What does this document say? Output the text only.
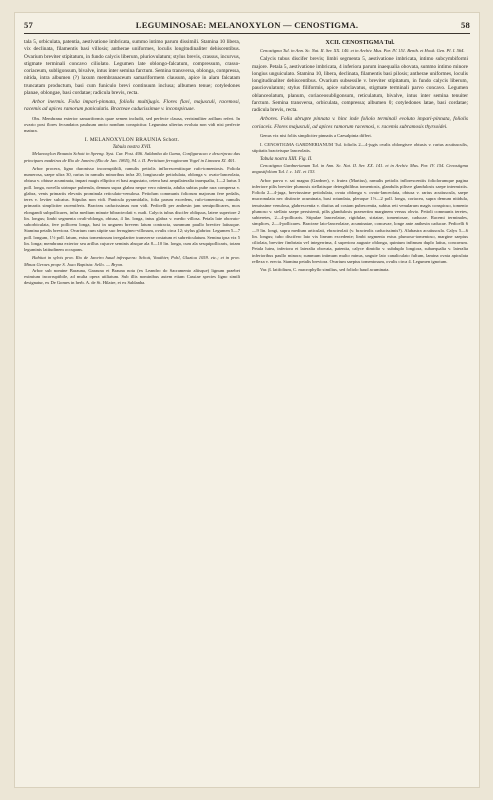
57	LEGUMINOSAE: MELANOXYLON — CENOSTIGMA.	58

tala 5, orbiculata, patentia, aestivatione imbricata, summo intimo parum dissimili. Stamina 10 libera, vix declinata, filamentis basi villosis; antherae uniformes, loculis longitudinaliter dehiscentibus. Ovarium breviter stipitatum, in fundo calycis liberum, pluriovulatum; stylus brevis, crassus, incurvus, stigmate terminali concavo ciliolato. Legumen late oblongo-falcatum, compressum, crasso-coriaceum, subligonsum, bivalve, intus inter semina farctum. Semina transversa, oblonga, compressa, nitida, intra albumen (?) laxum membranaceum samariformem clausum, apice in alam falcatam truncatam productum, basi cum funiculo brevi continuum inclusa; albumen tenue; cotyledones planae, oblongae, basi cordatae; radicula brevis, recta.

Arbor inermis. Folia impari-pinnata, foliolis multijugis. Flores flavi, majusculi, racemosi, racemis ad apices ramorum paniculatis. Bracteae caducissimae v. inconspicuae.

Obs. Membrana exterior samariformis quae semen includit, sed perfecte clausa, verisimiliter arillum refert. In ovario post flores fecundatos pauluum ancto nondum conspicitur. Legumina ulterius evoluta non vidi nisi perfecte matura.

I. MELANOXYLON BRAUNIA Schott.
Tabula nostra XVII.

Melanoxylon Braunia Schott in Spreng. Syst. Cur. Post. 406. Saldanha da Gama, Configuracao e descripcao das principaes madeiras de Rio de Janeiro (Rio de Jan. 1865), 94. t. II. Perittium ferrugineum Vogel in Linnaea XI. 401.

Arbor procera, ligno duronisso incorruptibili, ramulis petiolis inflorescentiisque rufo-tomentosis. Foliola numerosa, saepe ultra 30, rarius in ramulis minoribus infra 20, longiuscule petiolulata, oblonga v. ovato-lanceolata, obtusa v. obtuse acuminata, impari magis elliptico et basi angustato, cetera basi aequilateralia inaequalia, 1—2 larius 3 poll. longa, novella utrinque puberula, demum supra glabra neque vero nitentia, adulta subtus pube rara compersa v. glabra, venis primariis elevatis prominula reticulato-venulosa. Petiolum communis foliorum majorum fere pedalis, teres v. leviter sulcatus. Stipulas non vidi. Panicula pyramidalis, folia parum excedens, rufo-tomentosa, ramulis primariis simpliciter racemiferis. Bracteas caducissimas non vidi. Pedicelli per anthesin jam semipollicares, mox elongandi subpollicares, infra medium minute bibracteolati v. nudi. Calycis tubus discifer obliquus, latere superiore 2 lin. longus; limbi segmenta ovali-oblonga, obtusa, 4 lin. longa, intus glabra v. medio villosa. Petala late obovato-suborbiculata, fere pollicem longa, basi in unguem brevem latum contracta, summum paullo breviter latiusque. Stamina petalis breviora. Ovarium cum stipite suo ferrugineo-villosum, ovulis circa 12; stylus glabrior. Legumen 5—7 poll. longum, 1½ poll. latum, extus tomentosum irregulariter transverse costatum et subreticulatum. Semina ipsa vix 5 lin. longa; membrana exterior seu arillus cujusve seminis absque ala 8—10 lin. longa, cum ala sesquipollicaris, totam leguminis latitudinem occupans.

Habitat in sylvis prov. Rio de Janeiro haud infrequens: Schott, Vauthier, Pohl, Glaziou 1059. etc.; et in prov. Minas Geraes prope S. Joao Baptista: Sello. — Bryon.

Arbor sub nomine Barauna, Garauna et Brauna nota (ex Leandro do Sacramento aliisque) lignum praebet eximium incorruptibile, ad multa opera utiliatum. Sub illis nominibus autem etiam Cassiae species ligno simili designatur, ex De Gomes in herb. A. de St. Hilaire, et ex Saldanha.

XCII. CENOSTIGMA Tul.

Cenostigma Tul. in Ann. Sc. Nat. II. Ser. XX. 140. et in Archiv. Mus. Par. IV. 151. Benth. et Hook. Gen. Pl. I. 564.

Calycis tubus discifer brevis; limbi segmenta 5, aestivatione imbricata, intimo subcymbiformi majore. Petala 5, aestivatione imbricata, 4 inferiora parum inaequalia obovata, summo intimo minore longius unguiculato. Stamina 10, libera, declinata, filamentis basi pilosis; antherae uniformes, loculis longitudinaliter dehiscentibus. Ovarium subsessile v. breviter stipitatum, in fundo calycis liberum, pauciovulatum; stylus filiformis, apice subclavatus, stigmate terminali parvo concavo. Legumen oblanceolatum, planum, coriaceosubligonsum, reticulatum, bivalve, intus inter semina tenuiter farctum. Semina transversa, orbiculata, compressa; albumen 0; cotyledones latae, basi cordatae; radicula brevis, recta.

Arbores. Folia abrupte pinnata v. hinc inde foliolo terminali evoluto impari-pinnata, foliolis coriaceis. Flores majusculi, ad apices ramorum racemosi, v. racemis subramosis thyrsoidei.

Genus vix nisi foliis simpliciter pinnatis a Caesalpinia differt.

I. CENOSTIGMA GARDNERIANUM Tul. foliolis 2—4-jugis ovalis oblongisve obtusis v. rarius acutiusculis, stipitatis bracteisque lanceolatis.

Tabula nostra XIII. Fig. II.

Cenostigma Gardnerianum Tul. in Ann. Sc. Nat. II. Ser. XX. 141. et in Archiv. Mus. Par. IV. 154. Cenostigma angustifolium Tul. l. c. 141. et 153.

Arbor parva v. sat magna (Gardner), v. frutex (Martius), ramulis petiolis inflorescentiis foliolorumque pagina inferiore pilis breviter plumosis stellatisque detergibilibus tomentosis, glandulis pilisve glandulosis saepe intermixtis. Foliola 2—4-juga, breviussime petiolulata, ovata oblonga v. ovato-lanceolata, obtusa v. rarius acutiuscula, saepe mucronulata nec distincte acuminata, basi rotundata, pleraque 1½—2 poll. longa, coriacea, supra demum nitidula, tenuissime venulosa, glabrescentia v. diutius ad costam pubescentia, subtus reti venularum magis conspicuo, tomento plumoso v. stellato saepe persistenti, pilis glandulosis praesertim marginem versus obvio. Petioli communis teretes, subteretes, 2—4-pollicaris. Stipulae lanceolatae, rigidulae, striatae, tomentosae, caducae. Racemi terminales, simplices, 2—4-pollicares. Bracteae lato-lanceolatae, acuminatae, concavae, longe ante anthesin caducae. Pedicelli 6—9 lin. longi, supra medium articulati, ebracteolati (v. bracteolis caducissimis?). Alabastra acutiuscula. Calyx 5—6 lin. longus; tubo discifero lato vix lineam excedente; limbi segmenta extus plumoso-tomentoso, margine saepius ciliolata, breviter fimbriata vel integerrima, 4 superiora auguste oblonga, quintum infimum duplo latius, concavum. Petala lutea, inferiora et lateralia obovata, patentia, calyce dimidio v. subduplo longiora, subaequalia v. lateralia inferioribus paullo minora; summum intimum multo minus, unguie lato canaliculato fultum, lamina ovata apiculata reflexa v. erecta. Stamina petalis breviora. Ovarium saepius tomentosum, ovulis circa 4. Legumen ignotum.

Var. β. latifolium, C. macrophyllo similius, sed foliolo haud acuminata.
